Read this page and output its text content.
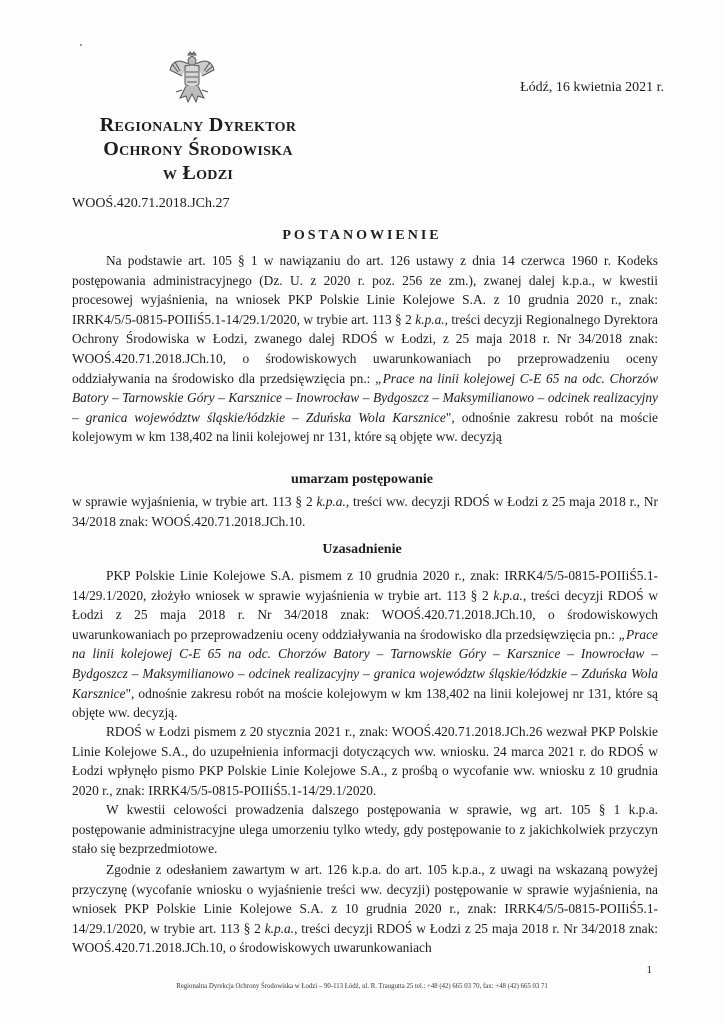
Łódź, 16 kwietnia 2021 r.
Regionalny Dyrektor
Ochrony Środowiska
w Łodzi
WOOŚ.420.71.2018.JCh.27
POSTANOWIENIE

Na podstawie art. 105 § 1 w nawiązaniu do art. 126 ustawy z dnia 14 czerwca 1960 r. Kodeks postępowania administracyjnego (Dz. U. z 2020 r. poz. 256 ze zm.), zwanej dalej k.p.a., w kwestii procesowej wyjaśnienia, na wniosek PKP Polskie Linie Kolejowe S.A. z 10 grudnia 2020 r., znak: IRRK4/5/5-0815-POIIiŚ5.1-14/29.1/2020, w trybie art. 113 § 2 k.p.a., treści decyzji Regionalnego Dyrektora Ochrony Środowiska w Łodzi, zwanego dalej RDOŚ w Łodzi, z 25 maja 2018 r. Nr 34/2018 znak: WOOŚ.420.71.2018.JCh.10, o środowiskowych uwarunkowaniach po przeprowadzeniu oceny oddziaływania na środowisko dla przedsięwzięcia pn.: „Prace na linii kolejowej C-E 65 na odc. Chorzów Batory – Tarnowskie Góry – Karsznice – Inowrocław – Bydgoszcz – Maksymilianowo – odcinek realizacyjny – granica województw śląskie/łódzkie – Zduńska Wola Karsznice", odnośnie zakresu robót na moście kolejowym w km 138,402 na linii kolejowej nr 131, które są objęte ww. decyzją

umarzam postępowanie

w sprawie wyjaśnienia, w trybie art. 113 § 2 k.p.a., treści ww. decyzji RDOŚ w Łodzi z 25 maja 2018 r., Nr 34/2018 znak: WOOŚ.420.71.2018.JCh.10.

Uzasadnienie

PKP Polskie Linie Kolejowe S.A. pismem z 10 grudnia 2020 r., znak: IRRK4/5/5-0815-POIIiŚ5.1-14/29.1/2020, złożyło wniosek w sprawie wyjaśnienia w trybie art. 113 § 2 k.p.a., treści decyzji RDOŚ w Łodzi z 25 maja 2018 r. Nr 34/2018 znak: WOOŚ.420.71.2018.JCh.10, o środowiskowych uwarunkowaniach po przeprowadzeniu oceny oddziaływania na środowisko dla przedsięwzięcia pn.: „Prace na linii kolejowej C-E 65 na odc. Chorzów Batory – Tarnowskie Góry – Karsznice – Inowrocław – Bydgoszcz – Maksymilianowo – odcinek realizacyjny – granica województw śląskie/łódzkie – Zduńska Wola Karsznice", odnośnie zakresu robót na moście kolejowym w km 138,402 na linii kolejowej nr 131, które są objęte ww. decyzją.

RDOŚ w Łodzi pismem z 20 stycznia 2021 r., znak: WOOŚ.420.71.2018.JCh.26 wezwał PKP Polskie Linie Kolejowe S.A., do uzupełnienia informacji dotyczących ww. wniosku. 24 marca 2021 r. do RDOŚ w Łodzi wpłynęło pismo PKP Polskie Linie Kolejowe S.A., z prośbą o wycofanie ww. wniosku z 10 grudnia 2020 r., znak: IRRK4/5/5-0815-POIIiŚ5.1-14/29.1/2020.

W kwestii celowości prowadzenia dalszego postępowania w sprawie, wg art. 105 § 1 k.p.a. postępowanie administracyjne ulega umorzeniu tylko wtedy, gdy postępowanie to z jakichkolwiek przyczyn stało się bezprzedmiotowe.

Zgodnie z odesłaniem zawartym w art. 126 k.p.a. do art. 105 k.p.a., z uwagi na wskazaną powyżej przyczynę (wycofanie wniosku o wyjaśnienie treści ww. decyzji) postępowanie w sprawie wyjaśnienia, na wniosek PKP Polskie Linie Kolejowe S.A. z 10 grudnia 2020 r., znak: IRRK4/5/5-0815-POIIiŚ5.1-14/29.1/2020, w trybie art. 113 § 2 k.p.a., treści decyzji RDOŚ w Łodzi z 25 maja 2018 r. Nr 34/2018 znak: WOOŚ.420.71.2018.JCh.10, o środowiskowych uwarunkowaniach

1
Regionalna Dyrekcja Ochrony Środowiska w Łodzi – 90-113 Łódź, ul. R. Traugutta 25 tel.: +48 (42) 665 03 70, fax: +48 (42) 665 03 71
